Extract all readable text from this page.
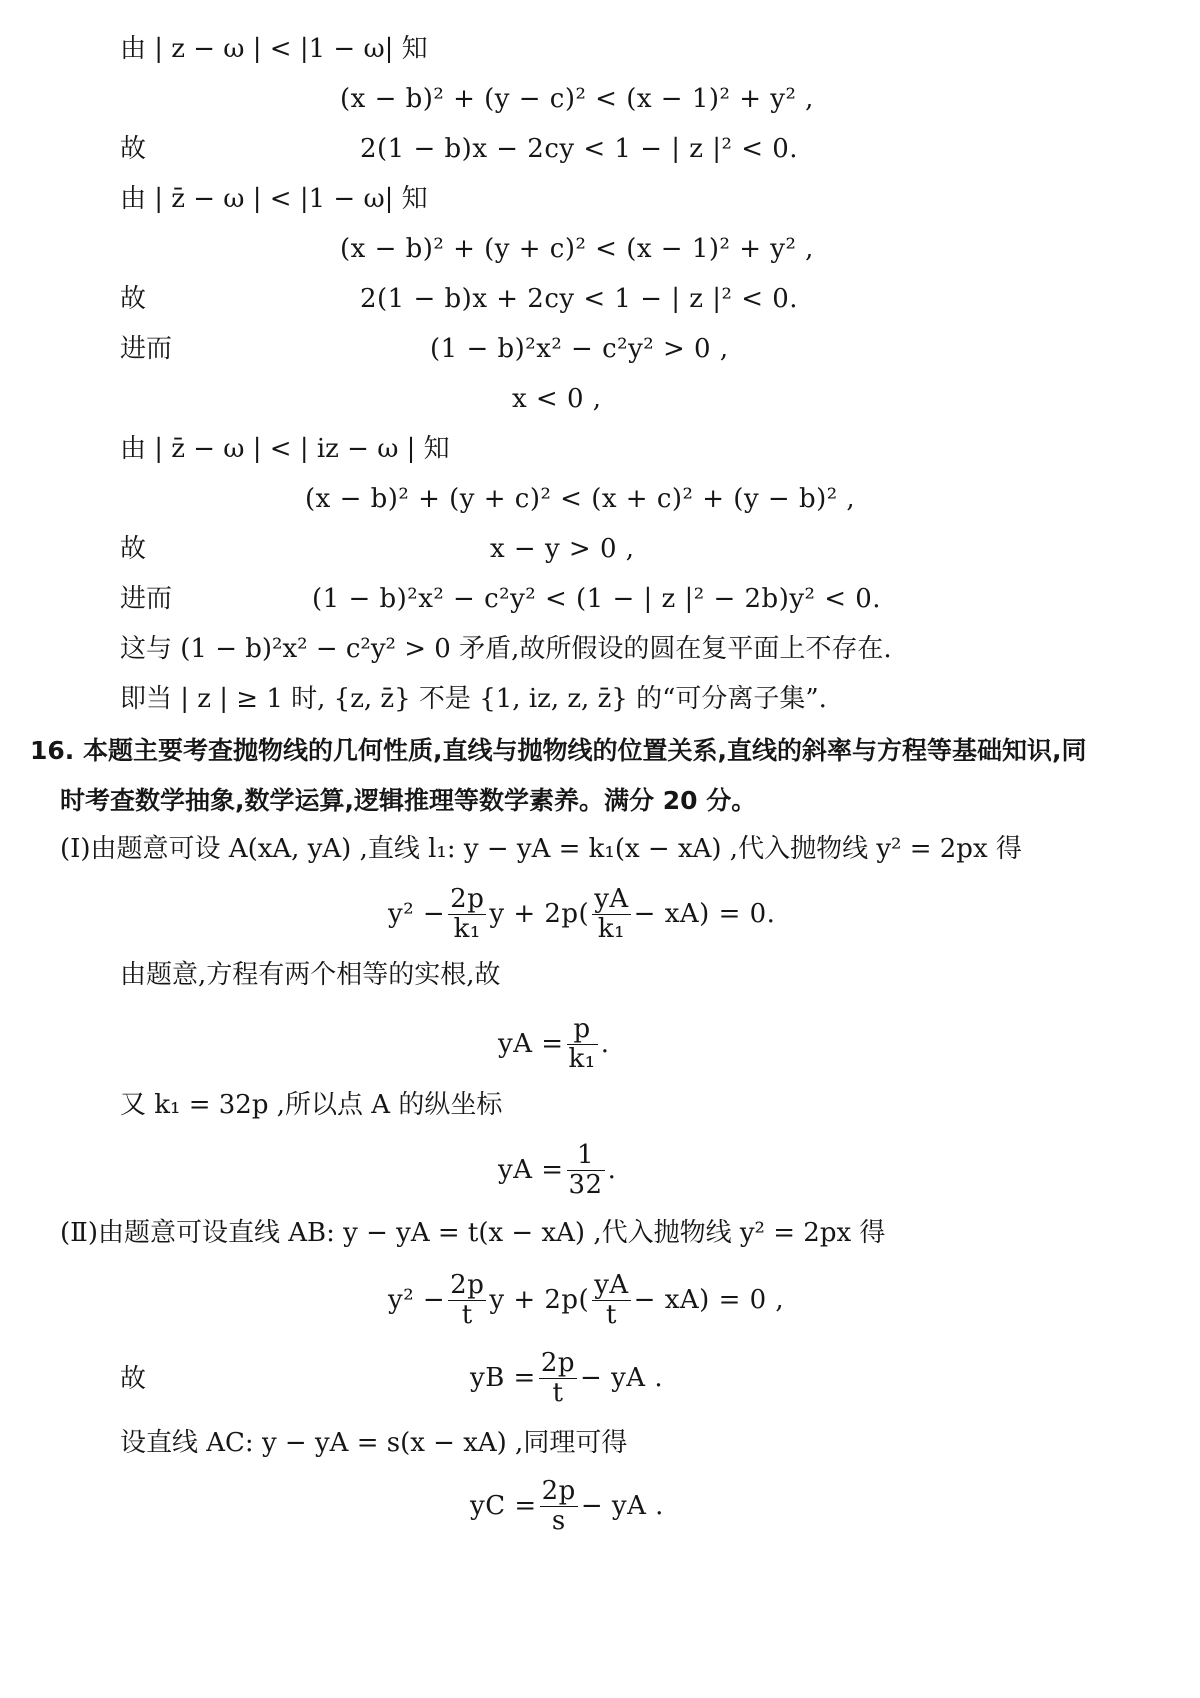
由 | z − ω | < |1 − ω| 知
(x − b)² + (y − c)² < (x − 1)² + y² ,
故	2(1 − b)x − 2cy < 1 − | z |² < 0.
由 | z̄ − ω | < |1 − ω| 知
(x − b)² + (y + c)² < (x − 1)² + y² ,
故	2(1 − b)x + 2cy < 1 − | z |² < 0.
进而	(1 − b)²x² − c²y² > 0 ,
x < 0 ,
由 | z̄ − ω | < | iz − ω | 知
(x − b)² + (y + c)² < (x + c)² + (y − b)² ,
故	x − y > 0 ,
进而	(1 − b)²x² − c²y² < (1 − | z |² − 2b)y² < 0.
这与 (1 − b)²x² − c²y² > 0 矛盾,故所假设的圆在复平面上不存在.
即当 | z | ≥ 1 时, {z, z̄} 不是 {1, iz, z, z̄} 的“可分离子集”.
16. 本题主要考查抛物线的几何性质,直线与抛物线的位置关系,直线的斜率与方程等基础知识,同
时考查数学抽象,数学运算,逻辑推理等数学素养。满分 20 分。
(Ⅰ)由题意可设 A(xA, yA) ,直线 l₁: y − yA = k₁(x − xA) ,代入抛物线 y² = 2px 得
$y^2 - \frac{2p}{\text{k₁}}$ $y + 2p( \frac{yA}{\text{k₁}} - xA) = 0$.
由题意,方程有两个相等的实根,故
yA = $\frac{p}{\text{k₁}}$ .
又 k₁ = 32p ,所以点 A 的纵坐标
yA = $\frac{1}{32}$ .
(Ⅱ)由题意可设直线 AB: y − yA = t(x − xA) ,代入抛物线 y² = 2px 得
$y^2 - \frac{2p}{t}$ $y + 2p( \frac{yA}{t} - xA) = 0$ ,
故	yB = $\frac{2p}{t}$ − yA .
设直线 AC: y − yA = s(x − xA) ,同理可得
yC = $\frac{2p}{s}$ − yA .
